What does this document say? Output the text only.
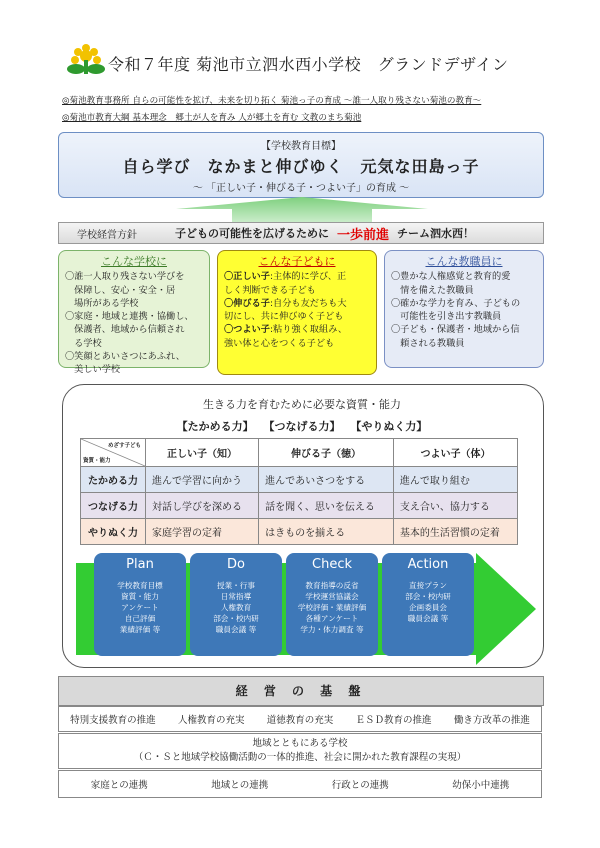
令和７年度 菊池市立泗水西小学校　グランドデザイン
◎菊池教育事務所 自らの可能性を拡げ、未来を切り拓く 菊池っ子の育成 ～誰一人取り残さない菊池の教育～
◎菊池市教育大綱 基本理念　郷土が人を育み 人が郷土を育む 文教のまち菊池
【学校教育目標】
自ら学び　なかまと伸びゆく　元気な田島っ子
～ 「正しい子・伸びる子・つよい子」の育成 ～
学校経営方針	子どもの可能性を広げるために 一歩前進 チーム泗水西！
こんな学校に
〇誰一人取り残さない学びを
　保障し、安心・安全・居
　場所がある学校
〇家庭・地域と連携・協働し、
　保護者、地域から信頼され
　る学校
〇笑顔とあいさつにあふれ、
　美しい学校
こんな子どもに
〇正しい子:主体的に学び、正
しく判断できる子ども
〇伸びる子:自分も友だちも大
切にし、共に伸びゆく子ども
〇つよい子:粘り強く取組み、
強い体と心をつくる子ども
こんな教職員に
〇豊かな人権感覚と教育的愛
　情を備えた教職員
〇確かな学力を育み、子どもの
　可能性を引き出す教職員
〇子ども・保護者・地域から信
　頼される教職員
生きる力を育むために必要な資質・能力
【たかめる力】 【つなげる力】 【やりぬく力】
めざす子ども
資質・能力	正しい子（知）	伸びる子（徳）	つよい子（体）
たかめる力	進んで学習に向かう	進んであいさつをする	進んで取り組む
つなげる力	対話し学びを深める	話を聞く、思いを伝える	支え合い、協力する
やりぬく力	家庭学習の定着	はきものを揃える	基本的生活習慣の定着
Plan
学校教育目標
資質・能力
アンケート
自己評価
業績評価 等
Do
授業・行事
日常指導
人権教育
部会・校内研
職員会議 等
Check
教育指導の反省
学校運営協議会
学校評価・業績評価
各種アンケート
学力・体力調査 等
Action
直接プラン
部会・校内研
企画委員会
職員会議 等
経 営 の 基 盤
特別支援教育の推進 人権教育の充実 道徳教育の充実 ＥＳＤ教育の推進 働き方改革の推進
地域とともにある学校
（Ｃ・Ｓと地域学校協働活動の一体的推進、社会に開かれた教育課程の実現）
家庭との連携	地域との連携	行政との連携	幼保小中連携
